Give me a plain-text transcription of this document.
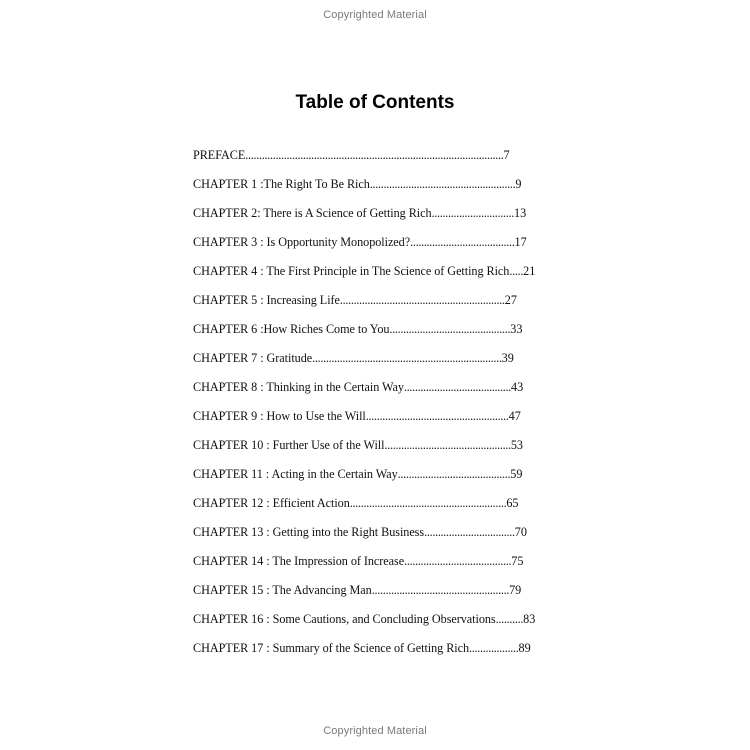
Copyrighted Material
Table of Contents
PREFACE..............................................................................................7
CHAPTER 1 :The Right To Be Rich.....................................................9
CHAPTER 2: There is A Science of Getting Rich..............................13
CHAPTER 3 : Is Opportunity Monopolized?......................................17
CHAPTER 4 : The First Principle in The Science of Getting Rich.....21
CHAPTER 5 : Increasing Life............................................................27
CHAPTER 6 :How Riches Come to You............................................33
CHAPTER 7 : Gratitude.....................................................................39
CHAPTER 8 : Thinking in the Certain Way.......................................43
CHAPTER 9 : How to Use the Will....................................................47
CHAPTER 10 : Further Use of the Will..............................................53
CHAPTER 11 : Acting in the Certain Way.........................................59
CHAPTER 12 : Efficient Action.........................................................65
CHAPTER 13 : Getting into the Right Business.................................70
CHAPTER 14 : The Impression of Increase.......................................75
CHAPTER 15 : The Advancing Man..................................................79
CHAPTER 16 : Some Cautions, and Concluding Observations..........83
CHAPTER 17 : Summary of the Science of Getting Rich..................89
Copyrighted Material
